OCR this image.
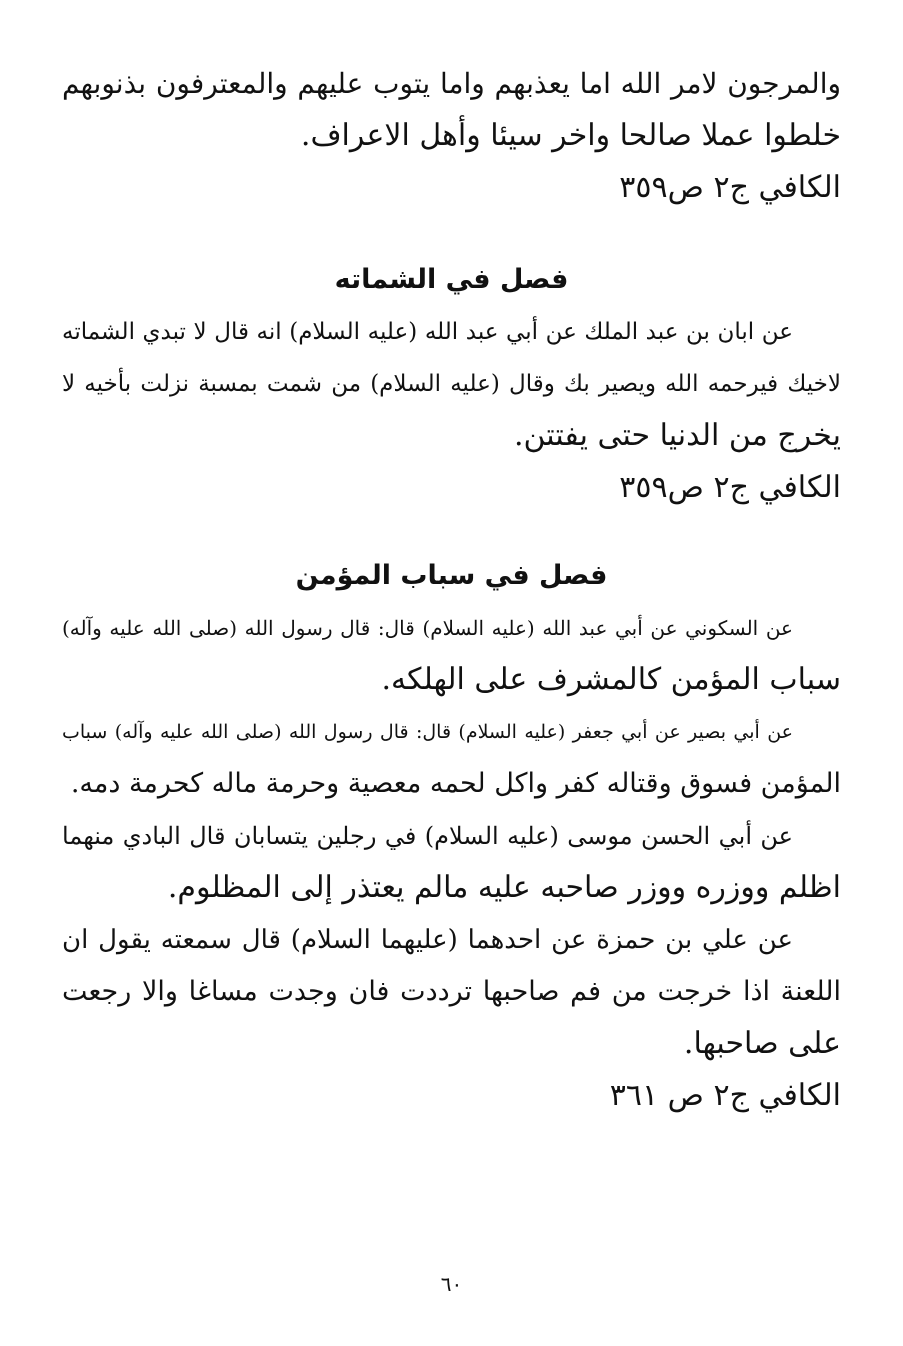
والمرجون لامر الله اما يعذبهم واما يتوب عليهم والمعترفون بذنوبهم
خلطوا عملا صالحا واخر سيئا وأهل الاعراف.
الكافي ج٢ ص٣٥٩
فصل في الشماته
عن ابان بن عبد الملك عن أبي عبد الله (عليه السلام) انه قال لا تبدي الشماته
لاخيك فيرحمه الله ويصير بك وقال (عليه السلام) من شمت بمسبة نزلت بأخيه لا
يخرج من الدنيا حتى يفتتن.
الكافي ج٢ ص٣٥٩
فصل في سباب المؤمن
عن السكوني عن أبي عبد الله (عليه السلام) قال: قال رسول الله (صلى الله عليه وآله)
سباب المؤمن كالمشرف على الهلكه.
عن أبي بصير عن أبي جعفر (عليه السلام) قال: قال رسول الله (صلى الله عليه وآله) سباب
المؤمن فسوق وقتاله كفر واكل لحمه معصية وحرمة ماله كحرمة دمه.
عن أبي الحسن موسى (عليه السلام) في رجلين يتسابان قال البادي منهما
اظلم ووزره ووزر صاحبه عليه مالم يعتذر إلى المظلوم.
عن علي بن حمزة عن احدهما (عليهما السلام) قال سمعته يقول ان
اللعنة اذا خرجت من فم صاحبها ترددت فان وجدت مساغا والا رجعت
على صاحبها.
الكافي ج٢ ص ٣٦١
٦٠
